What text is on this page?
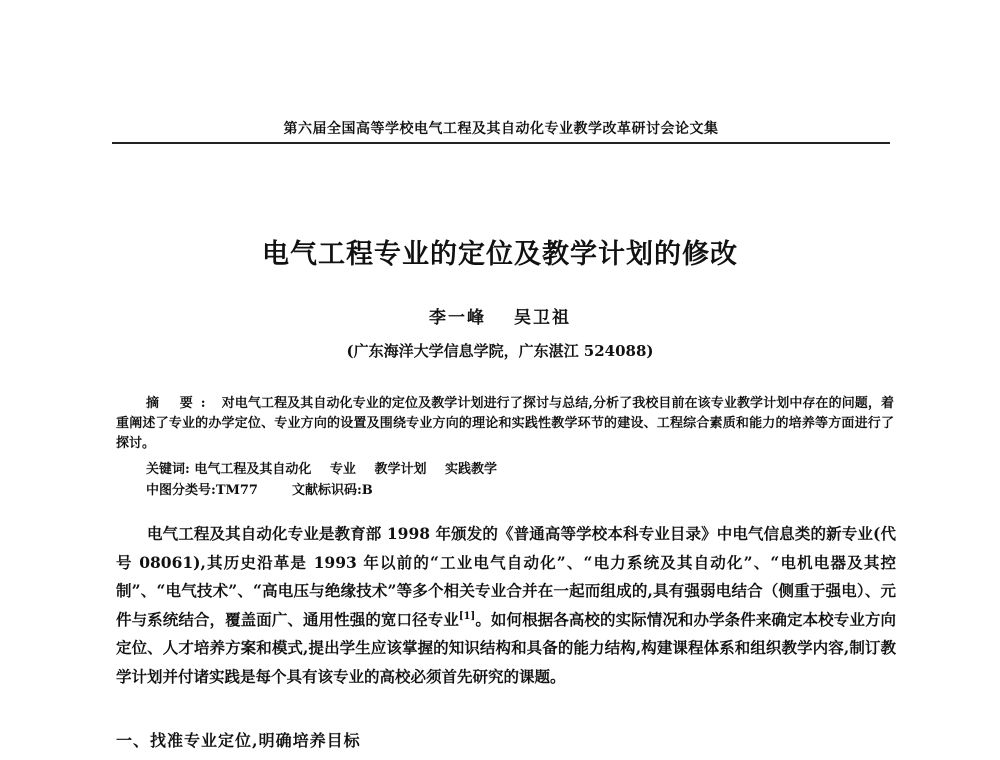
第六届全国高等学校电气工程及其自动化专业教学改革研讨会论文集
电气工程专业的定位及教学计划的修改
李一峰 吴卫祖
(广东海洋大学信息学院，广东湛江 524088)
摘 要: 对电气工程及其自动化专业的定位及教学计划进行了探讨与总结,分析了我校目前在该专业教学计划中存在的问题，着重阐述了专业的办学定位、专业方向的设置及围绕专业方向的理论和实践性教学环节的建设、工程综合素质和能力的培养等方面进行了探讨。
关键词: 电气工程及其自动化 专业 教学计划 实践教学
中图分类号:TM77	文献标识码:B
电气工程及其自动化专业是教育部 1998 年颁发的《普通高等学校本科专业目录》中电气信息类的新专业(代号 08061),其历史沿革是 1993 年以前的“工业电气自动化”、“电力系统及其自动化”、“电机电器及其控制”、“电气技术”、“高电压与绝缘技术”等多个相关专业合并在一起而组成的,具有强弱电结合（侧重于强电）、元件与系统结合，覆盖面广、通用性强的宽口径专业[1]。如何根据各高校的实际情况和办学条件来确定本校专业方向定位、人才培养方案和模式,提出学生应该掌握的知识结构和具备的能力结构,构建课程体系和组织教学内容,制订教学计划并付诸实践是每个具有该专业的高校必须首先研究的课题。
一、找准专业定位,明确培养目标
